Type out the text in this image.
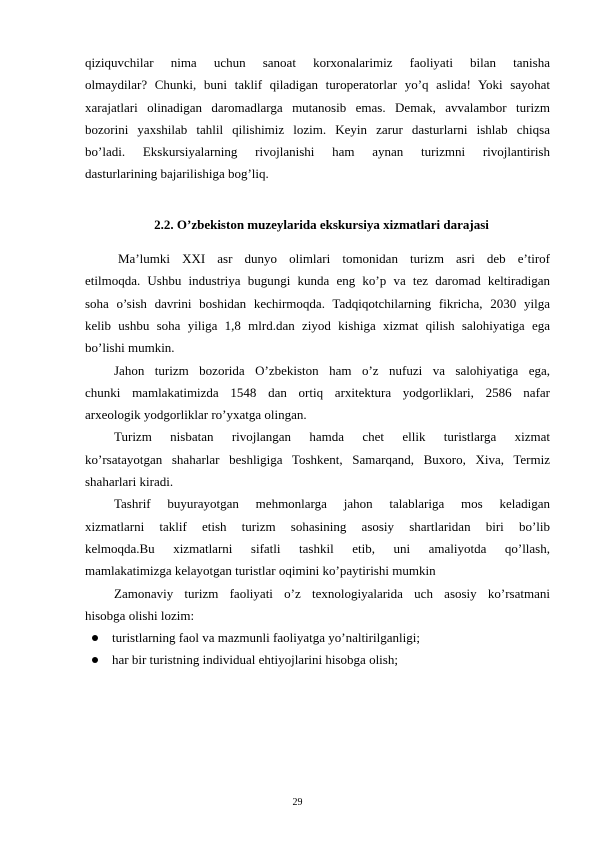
qiziquvchilar nima uchun sanoat korxonalarimiz faoliyati bilan tanisha
olmaydilar? Chunki, buni taklif qiladigan turoperatorlar yo’q aslida! Yoki sayohat
xarajatlari olinadigan daromadlarga mutanosib emas. Demak, avvalambor turizm
bozorini yaxshilab tahlil qilishimiz lozim. Keyin zarur dasturlarni ishlab chiqsa
bo’ladi. Ekskursiyalarning rivojlanishi ham aynan turizmni rivojlantirish
dasturlarining bajarilishiga bog’liq.
2.2. O’zbekiston muzeylarida ekskursiya xizmatlari darajasi
Ma’lumki XXI asr dunyo olimlari tomonidan turizm asri deb e’tirof
etilmoqda. Ushbu industriya bugungi kunda eng ko’p va tez daromad keltiradigan
soha o’sish davrini boshidan kechirmoqda. Tadqiqotchilarning fikricha, 2030 yilga
kelib ushbu soha yiliga 1,8 mlrd.dan ziyod kishiga xizmat qilish salohiyatiga ega
bo’lishi mumkin.
Jahon turizm bozorida O’zbekiston ham o’z nufuzi va salohiyatiga ega,
chunki mamlakatimizda 1548 dan ortiq arxitektura yodgorliklari, 2586 nafar
arxeologik yodgorliklar ro’yxatga olingan.
Turizm nisbatan rivojlangan hamda chet ellik turistlarga xizmat
ko’rsatayotgan shaharlar beshligiga Toshkent, Samarqand, Buxoro, Xiva, Termiz
shaharlari kiradi.
Tashrif buyurayotgan mehmonlarga jahon talablariga mos keladigan
xizmatlarni taklif etish turizm sohasining asosiy shartlaridan biri bo’lib
kelmoqda.Bu xizmatlarni sifatli tashkil etib, uni amaliyotda qo’llash,
mamlakatimizga kelayotgan turistlar oqimini ko’paytirishi mumkin
Zamonaviy turizm faoliyati o’z texnologiyalarida uch asosiy ko’rsatmani
hisobga olishi lozim:
turistlarning faol va mazmunli faoliyatga yo’naltirilganligi;
har bir turistning individual ehtiyojlarini hisobga olish;
29
